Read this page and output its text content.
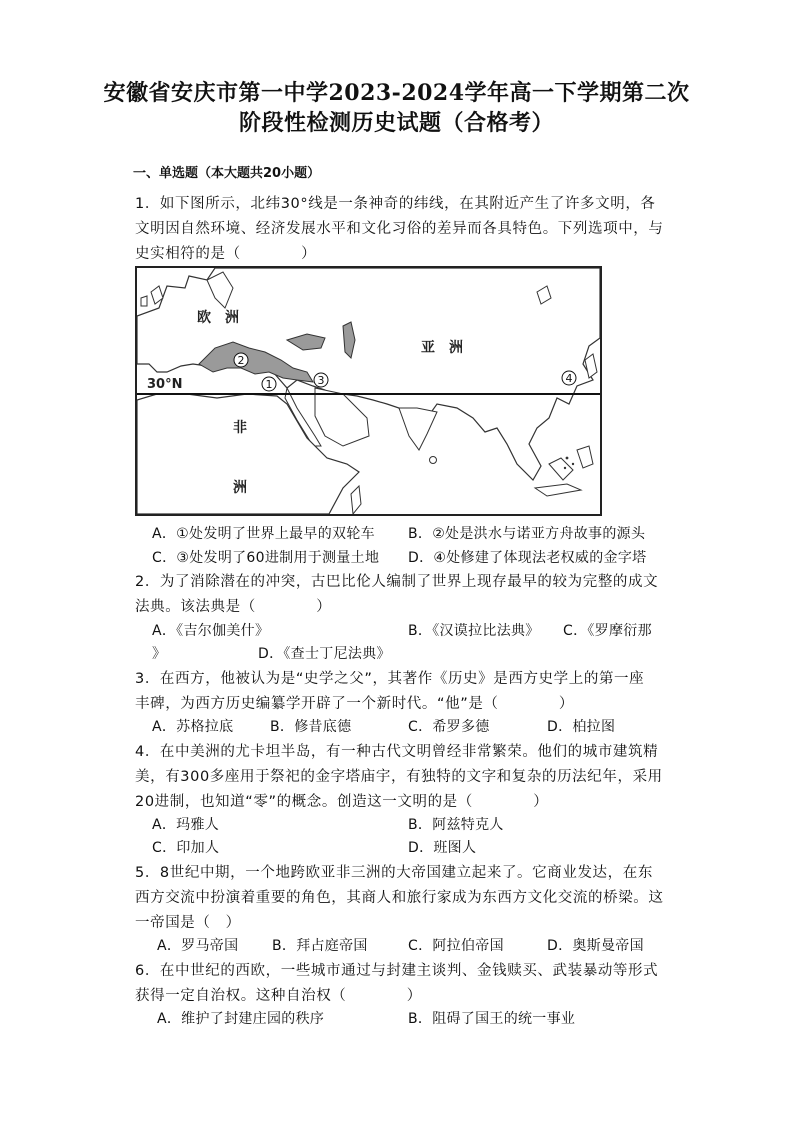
安徽省安庆市第一中学2023-2024学年高一下学期第二次
阶段性检测历史试题（合格考）
一、单选题（本大题共20小题）
1．如下图所示，北纬30°线是一条神奇的纬线，在其附近产生了许多文明，各
文明因自然环境、经济发展水平和文化习俗的差异而各具特色。下列选项中，与
史实相符的是（　　　　）
欧　洲
亚　洲
非
洲
30°N	1
2
3	4
A．①处发明了世界上最早的双轮车 B．②处是洪水与诺亚方舟故事的源头
C．③处发明了60进制用于测量土地 D．④处修建了体现法老权威的金字塔
2．为了消除潜在的冲突，古巴比伦人编制了世界上现存最早的较为完整的成文
法典。该法典是（　　　　）
A．《吉尔伽美什》	B．《汉谟拉比法典》 C．《罗摩衍那
》	D．《查士丁尼法典》
3．在西方，他被认为是“史学之父”，其著作《历史》是西方史学上的第一座
丰碑，为西方历史编纂学开辟了一个新时代。“他”是（　　　　）
A．苏格拉底	B．修昔底德	C．希罗多德	D．柏拉图
4．在中美洲的尤卡坦半岛，有一种古代文明曾经非常繁荣。他们的城市建筑精
美，有300多座用于祭祀的金字塔庙宇，有独特的文字和复杂的历法纪年，采用
20进制，也知道“零”的概念。创造这一文明的是（　　　　）
A．玛雅人	B．阿兹特克人
C．印加人	D．班图人
5．8世纪中期，一个地跨欧亚非三洲的大帝国建立起来了。它商业发达，在东
西方交流中扮演着重要的角色，其商人和旅行家成为东西方文化交流的桥梁。这
一帝国是（　）
A．罗马帝国 B．拜占庭帝国	C．阿拉伯帝国	D．奥斯曼帝国
6．在中世纪的西欧，一些城市通过与封建主谈判、金钱赎买、武装暴动等形式
获得一定自治权。这种自治权（　　　　）
A．维护了封建庄园的秩序	B．阻碍了国王的统一事业
